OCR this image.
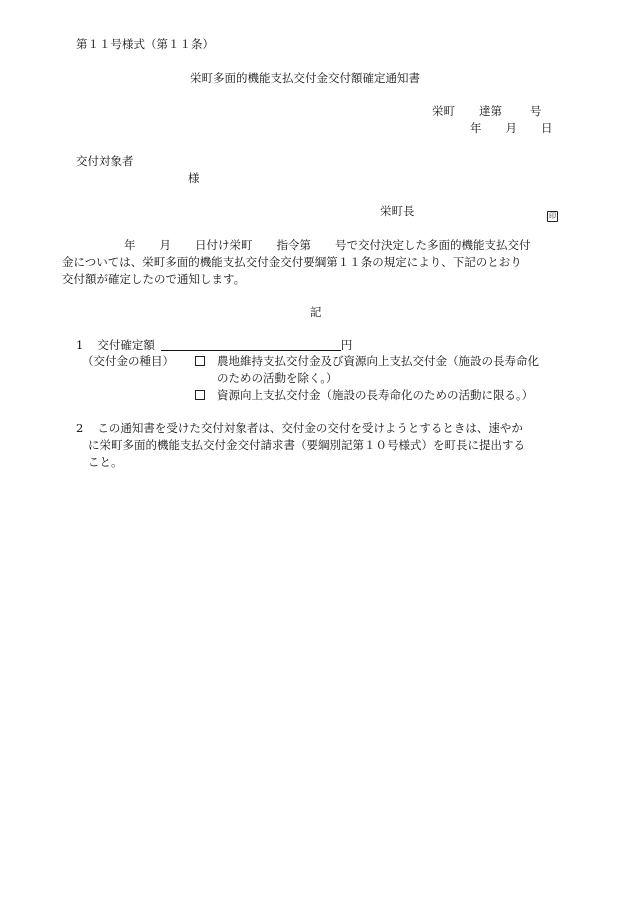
第１１号様式（第１１条）
栄町多面的機能支払交付金交付額確定通知書
栄町 達第 号
年 月 日
交付対象者
様
栄町長	印
年 月 日付け栄町 指令第 号で交付決定した多面的機能支払交付
金については、栄町多面的機能支払交付金交付要綱第１１条の規定により、下記のとおり
交付額が確定したので通知します。
記
1 交付確定額	円
（交付金の種目）	農地維持支払交付金及び資源向上支払交付金（施設の長寿命化
のための活動を除く。）
資源向上支払交付金（施設の長寿命化のための活動に限る。）
2 この通知書を受けた交付対象者は、交付金の交付を受けようとするときは、速やか
に栄町多面的機能支払交付金交付請求書（要綱別記第１０号様式）を町長に提出する
こと。
